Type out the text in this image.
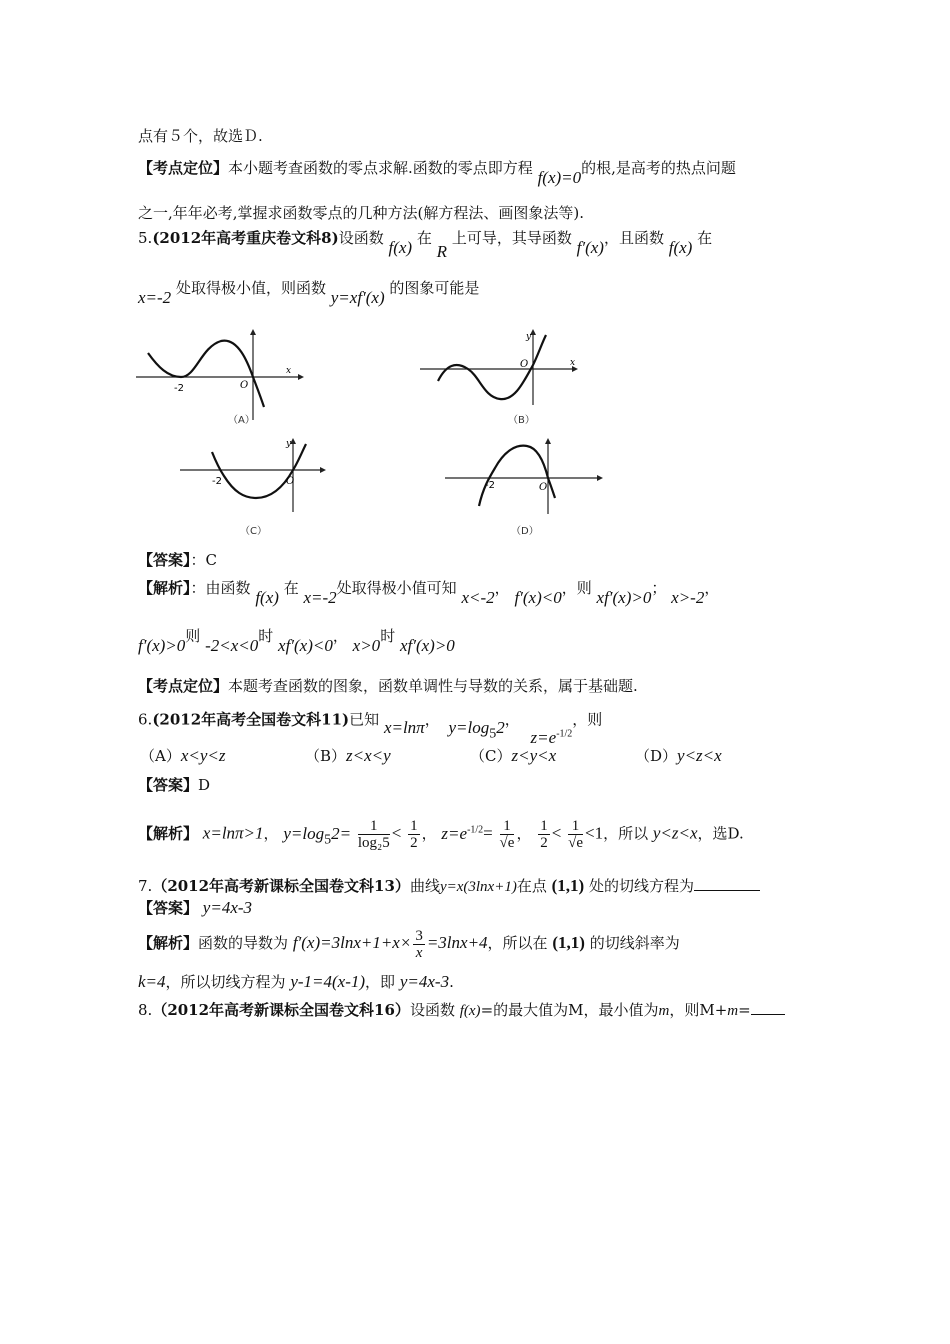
点有５个，故选Ｄ.
【考点定位】本小题考查函数的零点求解.函数的零点即方程 f(x)=0的根,是高考的热点问题
之一,年年必考,掌握求函数零点的几种方法(解方程法、画图象法等).
5.(2012年高考重庆卷文科8)设函数 f(x) 在 R 上可导，其导函数 f′(x)，且函数 f(x) 在
x=-2 处取得极小值，则函数 y=xf′(x) 的图象可能是
-2	O
x
（A）
O	x
y
（B）
-2	O
y
（C）
-2	O
（D）
【答案】：C
【解析】：由函数 f(x) 在 x=-2处取得极小值可知 x<-2， f′(x)<0，则 xf′(x)>0； x>-2，
f′(x)>0则 -2<x<0时 xf′(x)<0， x>0时 xf′(x)>0
【考点定位】本题考查函数的图象，函数单调性与导数的关系，属于基础题.
6.(2012年高考全国卷文科11)已知 x=lnπ， $y=\log_52$， $z=e^{-1/2}$，则
（A）x<y<z	（B）z<x<y	（C）z<y<x	（D）y<z<x
【答案】D
【解析】 x=lnπ>1， $y=\log_52= \frac{1}{\text{log₂5}} < \frac{1}{2}$ ， $z=e^{-1/2}= \frac{1}{√e}$ ， $\frac{1}{2} < \frac{1}{√e} <1$，所以 y<z<x，选D.
7.（2012年高考新课标全国卷文科13）曲线y=x(3lnx+1)在点 (1,1) 处的切线方程为
【答案】 y=4x-3
【解析】函数的导数为 $f'(x)=3\ln x+1+x\times \frac{3}{x} =3\ln x+4$，所以在 (1,1) 的切线斜率为
k=4，所以切线方程为 y-1=4(x-1)，即 y=4x-3.
8.（2012年高考新课标全国卷文科16）设函数 f(x)=的最大值为M，最小值为m，则M+m=
